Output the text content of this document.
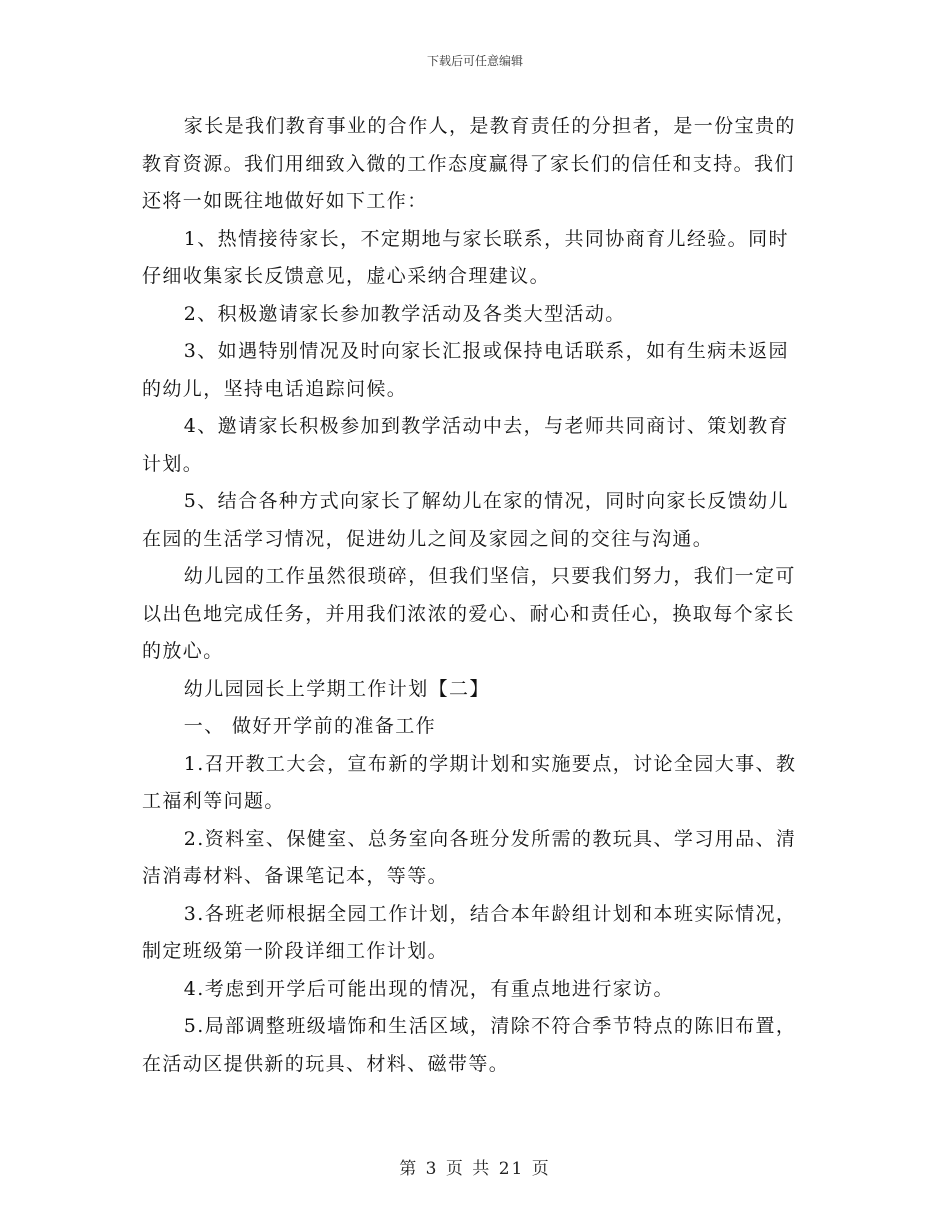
下载后可任意编辑

家长是我们教育事业的合作人，是教育责任的分担者，是一份宝贵的教育资源。我们用细致入微的工作态度赢得了家长们的信任和支持。我们还将一如既往地做好如下工作：

1、热情接待家长，不定期地与家长联系，共同协商育儿经验。同时仔细收集家长反馈意见，虚心采纳合理建议。

2、积极邀请家长参加教学活动及各类大型活动。

3、如遇特别情况及时向家长汇报或保持电话联系，如有生病未返园的幼儿，坚持电话追踪问候。

4、邀请家长积极参加到教学活动中去，与老师共同商讨、策划教育计划。

5、结合各种方式向家长了解幼儿在家的情况，同时向家长反馈幼儿在园的生活学习情况，促进幼儿之间及家园之间的交往与沟通。

幼儿园的工作虽然很琐碎，但我们坚信，只要我们努力，我们一定可以出色地完成任务，并用我们浓浓的爱心、耐心和责任心，换取每个家长的放心。

幼儿园园长上学期工作计划【二】

一、 做好开学前的准备工作

1.召开教工大会，宣布新的学期计划和实施要点，讨论全园大事、教工福利等问题。

2.资料室、保健室、总务室向各班分发所需的教玩具、学习用品、清洁消毒材料、备课笔记本，等等。

3.各班老师根据全园工作计划，结合本年龄组计划和本班实际情况，制定班级第一阶段详细工作计划。

4.考虑到开学后可能出现的情况，有重点地进行家访。

5.局部调整班级墙饰和生活区域，清除不符合季节特点的陈旧布置，在活动区提供新的玩具、材料、磁带等。

第 3 页 共 21 页
